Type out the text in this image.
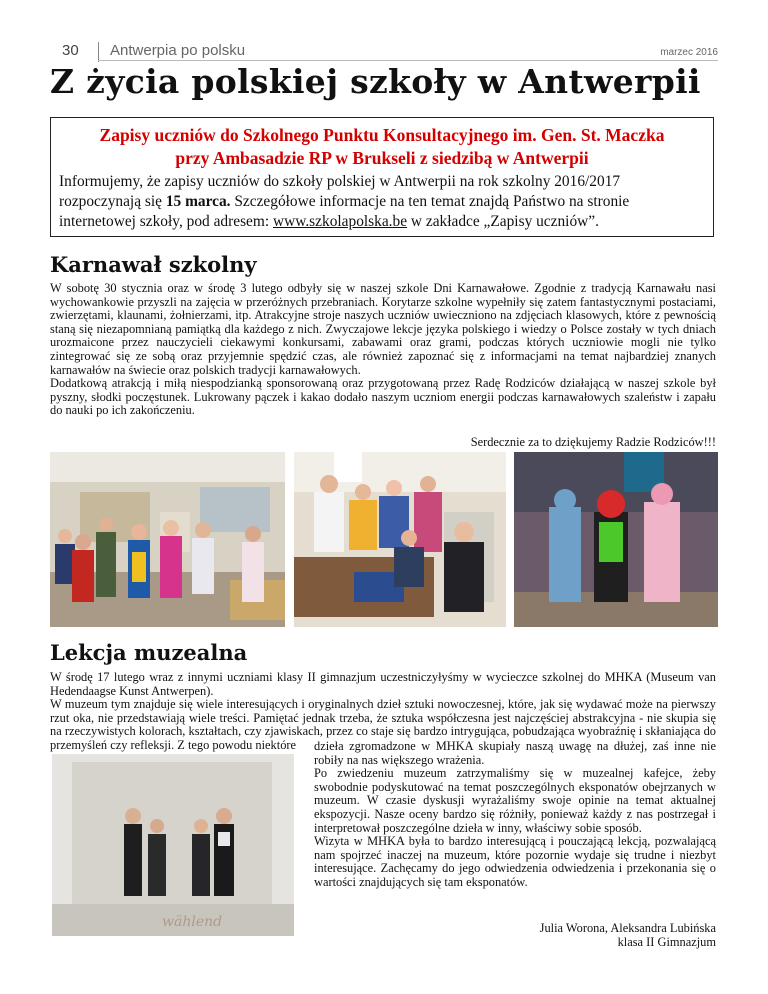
30 Antwerpia po polsku	marzec 2016
Z życia polskiej szkoły w Antwerpii
Zapisy uczniów do Szkolnego Punktu Konsultacyjnego im. Gen. St. Maczka
przy Ambasadzie RP w Brukseli z siedzibą w Antwerpii
Informujemy, że zapisy uczniów do szkoły polskiej w Antwerpii na rok szkolny 2016/2017 rozpoczynają się 15 marca. Szczegółowe informacje na ten temat znajdą Państwo na stronie internetowej szkoły, pod adresem: www.szkolapolska.be w zakładce „Zapisy uczniów”.
Karnawał szkolny

W sobotę 30 stycznia oraz w środę 3 lutego odbyły się w naszej szkole Dni Karnawałowe. Zgodnie z tradycją Karnawału nasi wychowankowie przyszli na zajęcia w przeróżnych przebraniach. Korytarze szkolne wypełniły się zatem fantastycznymi postaciami, zwierzętami, klaunami, żołnierzami, itp. Atrakcyjne stroje naszych uczniów uwieczniono na zdjęciach klasowych, które z pewnością staną się niezapomnianą pamiątką dla każdego z nich. Zwyczajowe lekcje języka polskiego i wiedzy o Polsce zostały w tych dniach urozmaicone przez nauczycieli ciekawymi konkursami, zabawami oraz grami, podczas których uczniowie mogli nie tylko zintegrować się ze sobą oraz przyjemnie spędzić czas, ale również zapoznać się z informacjami na temat najbardziej znanych karnawałów na świecie oraz polskich tradycji karnawałowych.

Dodatkową atrakcją i miłą niespodzianką sponsorowaną oraz przygotowaną przez Radę Rodziców działającą w naszej szkole był pyszny, słodki poczęstunek. Lukrowany pączek i kakao dodało naszym uczniom energii podczas karnawałowych szaleństw i zapału do nauki po ich zakończeniu.

Serdecznie za to dziękujemy Radzie Rodziców!!!
Lekcja muzealna

W środę 17 lutego wraz z innymi uczniami klasy II gimnazjum uczestniczyłyśmy w wycieczce szkolnej do MHKA (Museum van Hedendaagse Kunst Antwerpen).

W muzeum tym znajduje się wiele interesujących i oryginalnych dzieł sztuki nowoczesnej, które, jak się wydawać może na pierwszy rzut oka, nie przedstawiają wiele treści. Pamiętać jednak trzeba, że sztuka współczesna jest najczęściej abstrakcyjna - nie skupia się na rzeczywistych kolorach, kształtach, czy zjawiskach, przez co staje się bardzo intrygująca, pobudzająca wyobraźnię i skłaniająca do przemyśleń czy refleksji. Z tego powodu niektóre

wählend

dzieła zgromadzone w MHKA skupiały naszą uwagę na dłużej, zaś inne nie robiły na nas większego wrażenia.

Po zwiedzeniu muzeum zatrzymaliśmy się w muzealnej kafejce, żeby swobodnie podyskutować na temat poszczególnych eksponatów obejrzanych w muzeum. W czasie dyskusji wyrażaliśmy swoje opinie na temat aktualnej ekspozycji. Nasze oceny bardzo się różniły, ponieważ każdy z nas postrzegał i interpretował poszczególne dzieła w inny, właściwy sobie sposób.

Wizyta w MHKA była to bardzo interesującą i pouczającą lekcją, pozwalającą nam spojrzeć inaczej na muzeum, które pozornie wydaje się trudne i niezbyt interesujące. Zachęcamy do jego odwiedzenia odwiedzenia i przekonania się o wartości znajdujących się tam eksponatów.

Julia Worona, Aleksandra Lubińska
klasa II Gimnazjum
